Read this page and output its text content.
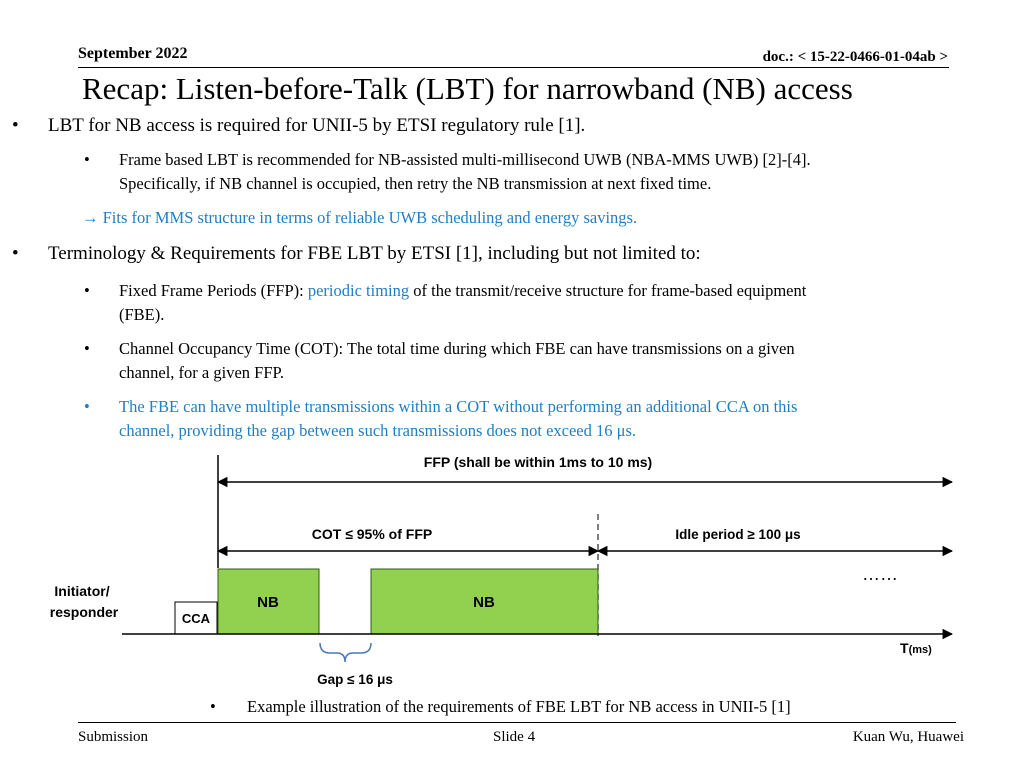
September 2022	doc.: < 15-22-0466-01-04ab >
Recap: Listen-before-Talk (LBT) for narrowband (NB) access
• LBT for NB access is required for UNII-5 by ETSI regulatory rule [1].
• Frame based LBT is recommended for NB-assisted multi-millisecond UWB (NBA-MMS UWB) [2]-[4].
Specifically, if NB channel is occupied, then retry the NB transmission at next fixed time.
→ Fits for MMS structure in terms of reliable UWB scheduling and energy savings.
• Terminology & Requirements for FBE LBT by ETSI [1], including but not limited to:
• Fixed Frame Periods (FFP): periodic timing of the transmit/receive structure for frame-based equipment
(FBE).
• Channel Occupancy Time (COT): The total time during which FBE can have transmissions on a given
channel, for a given FFP.
• The FBE can have multiple transmissions within a COT without performing an additional CCA on this
channel, providing the gap between such transmissions does not exceed 16 μs.
FFP (shall be within 1ms to 10 ms)
COT ≤ 95% of FFP	Idle period ≥ 100 μs
Initiator/
responder	CCA
NB	NB
……
T(ms)
Gap ≤ 16 μs
• Example illustration of the requirements of FBE LBT for NB access in UNII-5 [1]
Submission	Slide 4	Kuan Wu, Huawei
